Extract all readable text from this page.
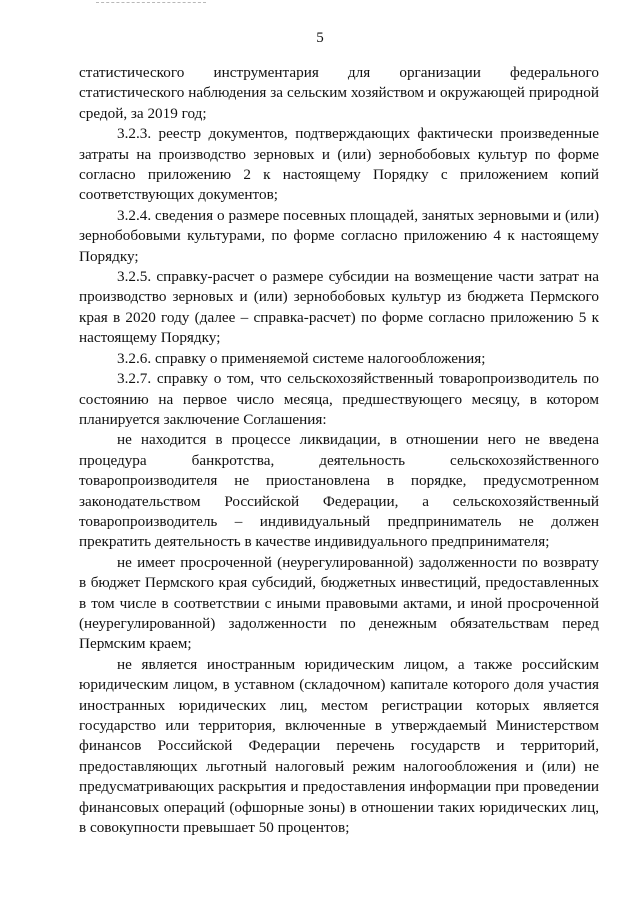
5

статистического инструментария для организации федерального статистического наблюдения за сельским хозяйством и окружающей природной средой, за 2019 год;

3.2.3. реестр документов, подтверждающих фактически произведенные затраты на производство зерновых и (или) зернобобовых культур по форме согласно приложению 2 к настоящему Порядку с приложением копий соответствующих документов;

3.2.4. сведения о размере посевных площадей, занятых зерновыми и (или) зернобобовыми культурами, по форме согласно приложению 4 к настоящему Порядку;

3.2.5. справку-расчет о размере субсидии на возмещение части затрат на производство зерновых и (или) зернобобовых культур из бюджета Пермского края в 2020 году (далее – справка-расчет) по форме согласно приложению 5 к настоящему Порядку;

3.2.6. справку о применяемой системе налогообложения;

3.2.7. справку о том, что сельскохозяйственный товаропроизводитель по состоянию на первое число месяца, предшествующего месяцу, в котором планируется заключение Соглашения:

не находится в процессе ликвидации, в отношении него не введена процедура банкротства, деятельность сельскохозяйственного товаропроизводителя не приостановлена в порядке, предусмотренном законодательством Российской Федерации, а сельскохозяйственный товаропроизводитель – индивидуальный предприниматель не должен прекратить деятельность в качестве индивидуального предпринимателя;

не имеет просроченной (неурегулированной) задолженности по возврату в бюджет Пермского края субсидий, бюджетных инвестиций, предоставленных в том числе в соответствии с иными правовыми актами, и иной просроченной (неурегулированной) задолженности по денежным обязательствам перед Пермским краем;

не является иностранным юридическим лицом, а также российским юридическим лицом, в уставном (складочном) капитале которого доля участия иностранных юридических лиц, местом регистрации которых является государство или территория, включенные в утверждаемый Министерством финансов Российской Федерации перечень государств и территорий, предоставляющих льготный налоговый режим налогообложения и (или) не предусматривающих раскрытия и предоставления информации при проведении финансовых операций (офшорные зоны) в отношении таких юридических лиц, в совокупности превышает 50 процентов;
